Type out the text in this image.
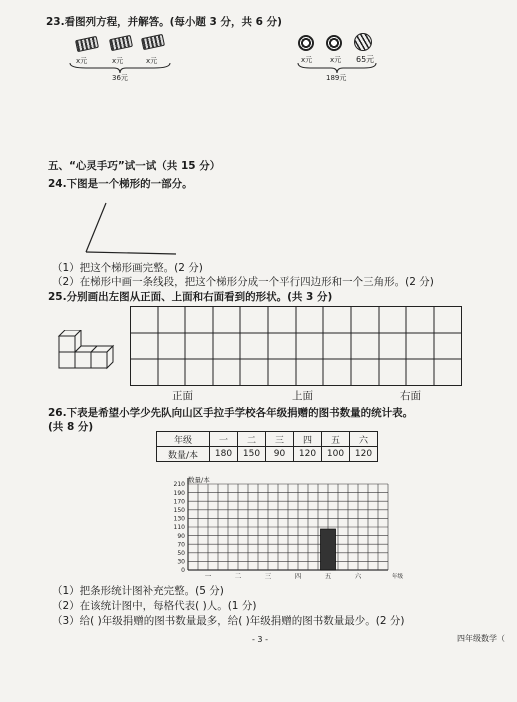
23.看图列方程，并解答。(每小题 3 分，共 6 分)
x元	x元	x元
36元
x元	x元 65元
189元
五、“心灵手巧”试一试（共 15 分）
24.下图是一个梯形的一部分。
（1）把这个梯形画完整。(2 分)
（2）在梯形中画一条线段，把这个梯形分成一个平行四边形和一个三角形。(2 分)
25.分别画出左图从正面、上面和右面看到的形状。(共 3 分)
正面	上面	右面
26.下表是希望小学少先队向山区手拉手学校各年级捐赠的图书数量的统计表。
(共 8 分)
年级	一	二	三	四	五	六
数量/本	180	150	90	120	100	120
0
30
50
70
90
110
130
150
170
190
210
数量/本
一	二	三	四	五	六	年级
（1）把条形统计图补充完整。(5 分)
（2）在该统计图中，每格代表( )人。(1 分)
（3）给( )年级捐赠的图书数量最多，给( )年级捐赠的图书数量最少。(2 分)
- 3 -	四年级数学（
